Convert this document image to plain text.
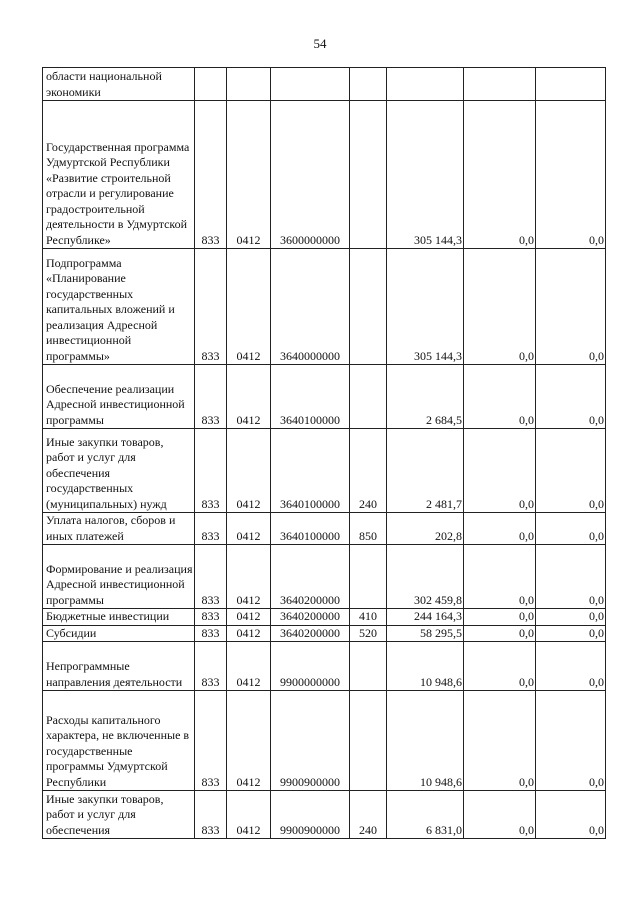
54
области национальной экономики							
Государственная программа Удмуртской Республики «Развитие строительной отрасли и регулирование градостроительной деятельности в Удмуртской Республике»	833	0412	3600000000		305 144,3	0,0	0,0
Подпрограмма «Планирование государственных капитальных вложений и реализация Адресной инвестиционной программы»	833	0412	3640000000		305 144,3	0,0	0,0
Обеспечение реализации Адресной инвестиционной программы	833	0412	3640100000		2 684,5	0,0	0,0
Иные закупки товаров, работ и услуг для обеспечения государственных (муниципальных) нужд	833	0412	3640100000	240	2 481,7	0,0	0,0
Уплата налогов, сборов и иных платежей	833	0412	3640100000	850	202,8	0,0	0,0
Формирование и реализация Адресной инвестиционной программы	833	0412	3640200000		302 459,8	0,0	0,0
Бюджетные инвестиции	833	0412	3640200000	410	244 164,3	0,0	0,0
Субсидии	833	0412	3640200000	520	58 295,5	0,0	0,0
Непрограммные направления деятельности	833	0412	9900000000		10 948,6	0,0	0,0
Расходы капитального характера, не включенные в государственные программы Удмуртской Республики	833	0412	9900900000		10 948,6	0,0	0,0
Иные закупки товаров, работ и услуг для обеспечения	833	0412	9900900000	240	6 831,0	0,0	0,0
